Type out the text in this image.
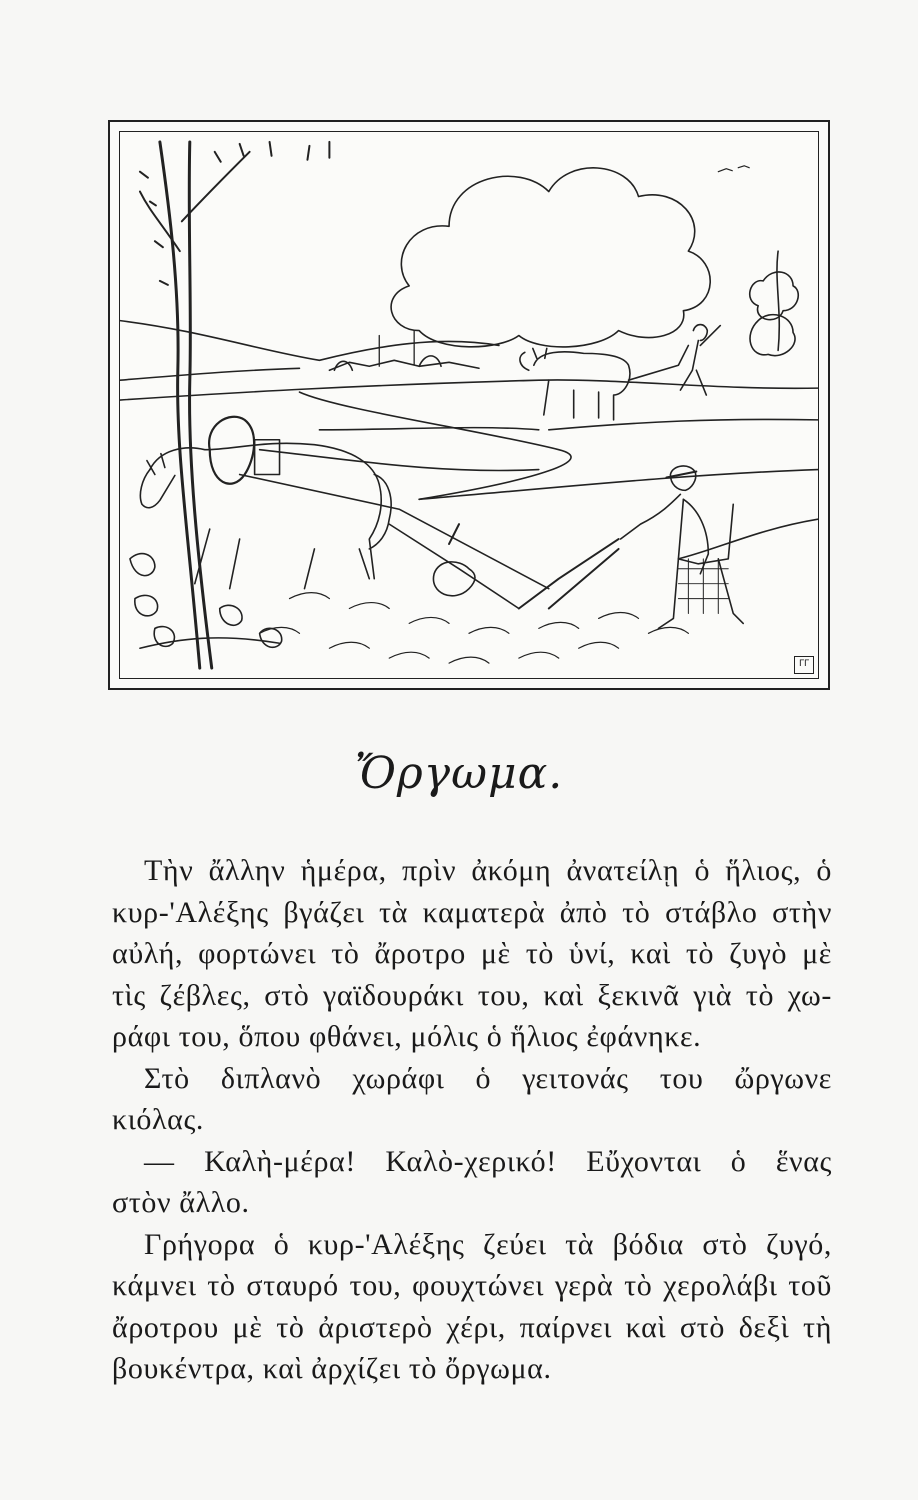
ΓΓ
Ὄργωμα.
Τὴν ἄλλην ἡμέρα, πρὶν ἀκόμη ἀνατείλῃ ὁ ἥλιος, ὁ
κυρ-'Αλέξης βγάζει τὰ καματερὰ ἀπὸ τὸ στάβλο στὴν
αὐλή, φορτώνει τὸ ἄροτρο μὲ τὸ ὑνί, καὶ τὸ ζυγὸ μὲ
τὶς ζέβλες, στὸ γαϊδουράκι του, καὶ ξεκινᾶ γιὰ τὸ χω-
ράφι του, ὅπου φθάνει, μόλις ὁ ἥλιος ἐφάνηκε.
Στὸ διπλανὸ χωράφι ὁ γειτονάς του ὤργωνε
κιόλας.
— Καλὴ-μέρα! Καλὸ-χερικό! Εὔχονται ὁ ἕνας
στὸν ἄλλο.
Γρήγορα ὁ κυρ-'Αλέξης ζεύει τὰ βόδια στὸ ζυγό,
κάμνει τὸ σταυρό του, φουχτώνει γερὰ τὸ χερολάβι τοῦ
ἄροτρου μὲ τὸ ἀριστερὸ χέρι, παίρνει καὶ στὸ δεξὶ τὴ
βουκέντρα, καὶ ἀρχίζει τὸ ὄργωμα.
